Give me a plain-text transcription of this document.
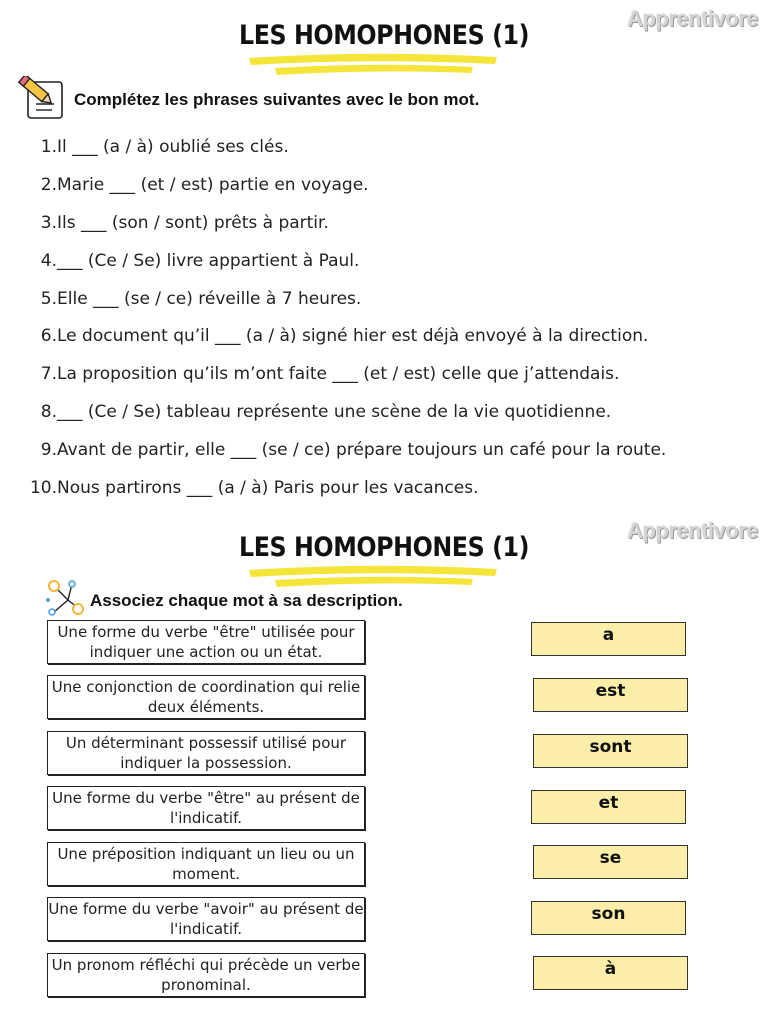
Apprentivore
LES HOMOPHONES (1)
Complétez les phrases suivantes avec le bon mot.
1. Il ___ (a / à) oublié ses clés.
2. Marie ___ (et / est) partie en voyage.
3. Ils ___ (son / sont) prêts à partir.
4. ___ (Ce / Se) livre appartient à Paul.
5. Elle ___ (se / ce) réveille à 7 heures.
6. Le document qu’il ___ (a / à) signé hier est déjà envoyé à la direction.
7. La proposition qu’ils m’ont faite ___ (et / est) celle que j’attendais.
8. ___ (Ce / Se) tableau représente une scène de la vie quotidienne.
9. Avant de partir, elle ___ (se / ce) prépare toujours un café pour la route.
10. Nous partirons ___ (a / à) Paris pour les vacances.
Apprentivore
LES HOMOPHONES (1)
Associez chaque mot à sa description.
Une forme du verbe "être" utilisée pour indiquer une action ou un état.
Une conjonction de coordination qui relie deux éléments.
Un déterminant possessif utilisé pour indiquer la possession.
Une forme du verbe "être" au présent de l'indicatif.
Une préposition indiquant un lieu ou un moment.
Une forme du verbe "avoir" au présent de l'indicatif.
Un pronom réfléchi qui précède un verbe pronominal.
a
est
sont
et
se
son
à
